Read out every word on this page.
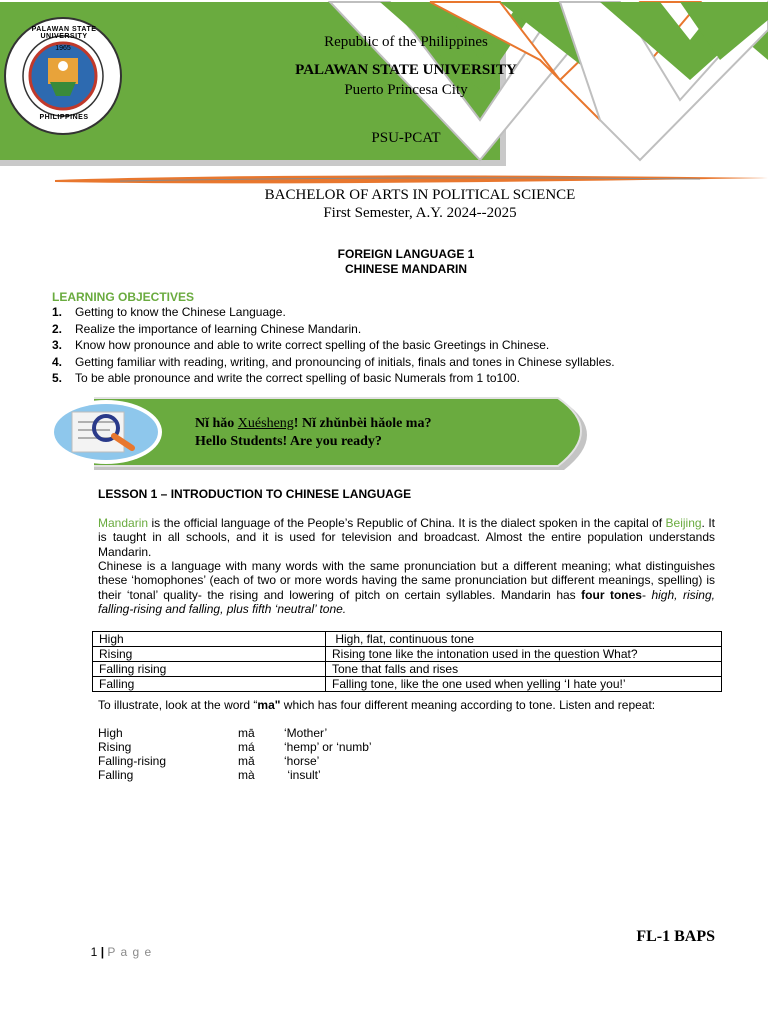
1965
PALAWAN STATE UNIVERSITY
PHILIPPINES
Republic of the Philippines
PALAWAN STATE UNIVERSITY
Puerto Princesa City
PSU-PCAT
BACHELOR OF ARTS IN POLITICAL SCIENCE
First Semester, A.Y. 2024--2025
FOREIGN LANGUAGE 1
CHINESE MANDARIN
LEARNING OBJECTIVES
1.	Getting to know the Chinese Language.
2.	Realize the importance of learning Chinese Mandarin.
3.	Know how pronounce and able to write correct spelling of the basic Greetings in Chinese.
4.	Getting familiar with reading, writing, and pronouncing of initials, finals and tones in Chinese syllables.
5.	To be able pronounce and write the correct spelling of basic Numerals from 1 to100.
Nǐ hǎo Xuésheng! Nǐ zhǔnbèi hǎole ma?
Hello Students! Are you ready?
LESSON 1 – INTRODUCTION TO CHINESE LANGUAGE
Mandarin is the official language of the People’s Republic of China. It is the dialect spoken in the capital of Beijing. It is taught in all schools, and it is used for television and broadcast. Almost the entire population understands Mandarin.
Chinese is a language with many words with the same pronunciation but a different meaning; what distinguishes these ‘homophones’ (each of two or more words having the same pronunciation but different meanings, spelling) is their ‘tonal’ quality- the rising and lowering of pitch on certain syllables. Mandarin has four tones- high, rising, falling-rising and falling, plus fifth ‘neutral’ tone.
High	High, flat, continuous tone
Rising	Rising tone like the intonation used in the question What?
Falling rising	Tone that falls and rises
Falling	Falling tone, like the one used when yelling ‘I hate you!’
To illustrate, look at the word “ma" which has four different meaning according to tone. Listen and repeat:
High	mā ‘Mother’
Rising	má ‘hemp’ or ‘numb’
Falling-rising	mǎ ‘horse’
Falling	mà ‘insult’

1 | P a g e

FL-1 BAPS
